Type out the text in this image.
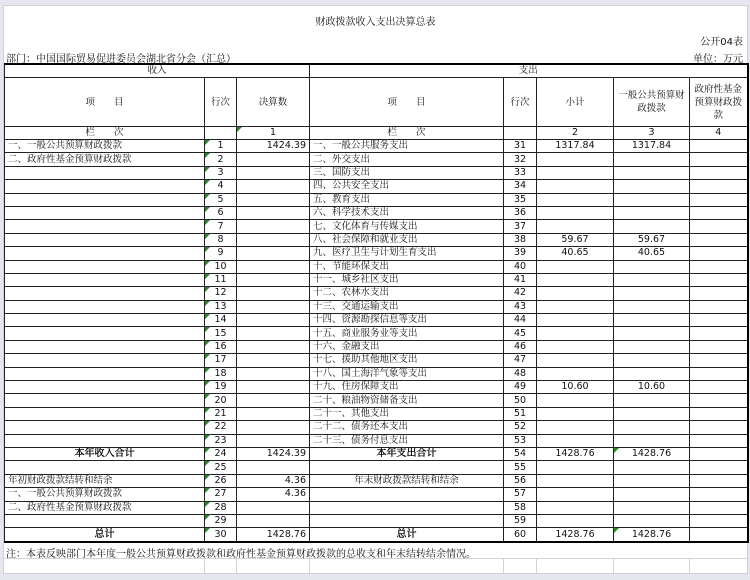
财政拨款收入支出决算总表
公开04表
部门：中国国际贸易促进委员会湖北省分会（汇总）	单位：万元
收入			支出				
项　　目	行次	决算数	项　　目	行次	小计	一般公共预算财政拨款	政府性基金预算财政拨款
栏　　次		1	栏　　次		2	3	4
一、一般公共预算财政拨款	1	1424.39	一、一般公共服务支出	31	1317.84	1317.84	
二、政府性基金预算财政拨款	2		二、外交支出	32			
	3		三、国防支出	33			
	4		四、公共安全支出	34			
	5		五、教育支出	35			
	6		六、科学技术支出	36			
	7		七、文化体育与传媒支出	37			
	8		八、社会保障和就业支出	38	59.67	59.67	
	9		九、医疗卫生与计划生育支出	39	40.65	40.65	
	10		十、节能环保支出	40			
	11		十一、城乡社区支出	41			
	12		十二、农林水支出	42			
	13		十三、交通运输支出	43			
	14		十四、资源勘探信息等支出	44			
	15		十五、商业服务业等支出	45			
	16		十六、金融支出	46			
	17		十七、援助其他地区支出	47			
	18		十八、国土海洋气象等支出	48			
	19		十九、住房保障支出	49	10.60	10.60	
	20		二十、粮油物资储备支出	50			
	21		二十一、其他支出	51			
	22		二十二、债务还本支出	52			
	23		二十三、债务付息支出	53			
本年收入合计	24	1424.39	本年支出合计	54	1428.76	1428.76	
	25			55			
年初财政拨款结转和结余	26	4.36	年末财政拨款结转和结余	56			
一、一般公共预算财政拨款	27	4.36		57			
二、政府性基金预算财政拨款	28			58			
	29			59			
总计	30	1428.76	总计	60	1428.76	1428.76	
注：本表反映部门本年度一般公共预算财政拨款和政府性基金预算财政拨款的总收支和年末结转结余情况。
